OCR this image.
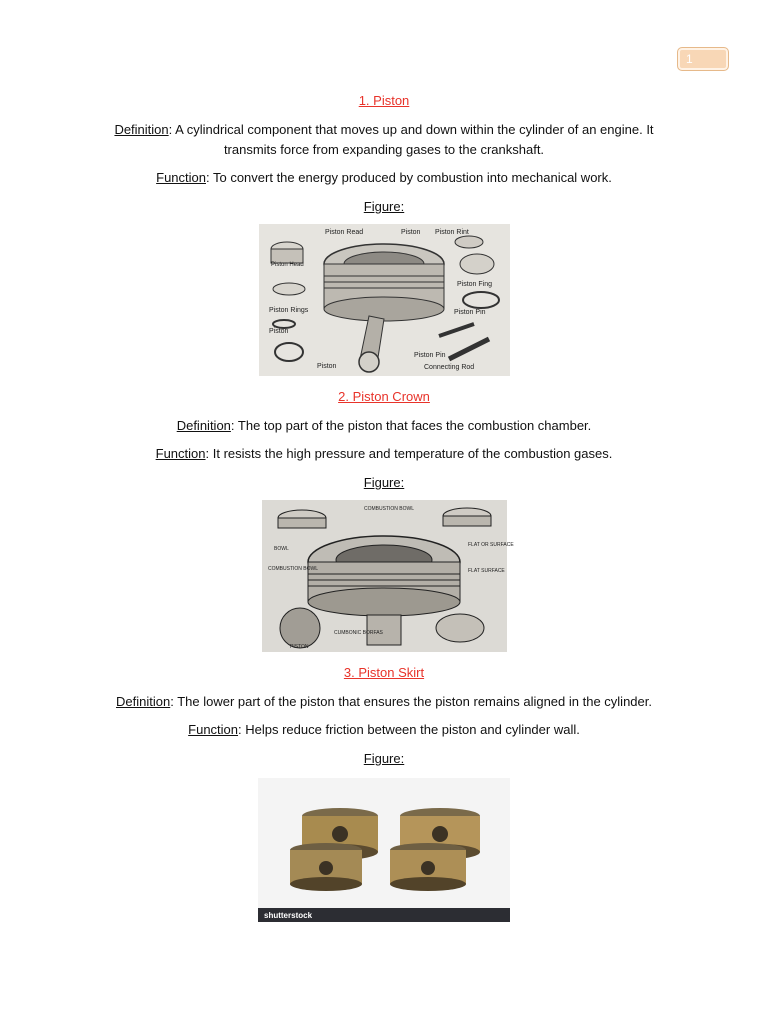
1

1. Piston

Definition: A cylindrical component that moves up and down within the cylinder of an engine. It transmits force from expanding gases to the crankshaft.

Function: To convert the energy produced by combustion into mechanical work.

Figure:

Piston Read	Piston Piston Rint
Piston Head
Piston Rings
Piston Fing
Piston Pin
Piston
Piston
Piston Pin
Connecting Rod

2. Piston Crown

Definition: The top part of the piston that faces the combustion chamber.

Function: It resists the high pressure and temperature of the combustion gases.

Figure:

COMBUSTION BOWL
BOWL
FLAT OR SURFACE
COMBUSTION BOWL	FLAT SURFACE
CUMBONIC BORFAS
PISTON

3. Piston Skirt

Definition: The lower part of the piston that ensures the piston remains aligned in the cylinder.

Function: Helps reduce friction between the piston and cylinder wall.

Figure:

shutterstock
